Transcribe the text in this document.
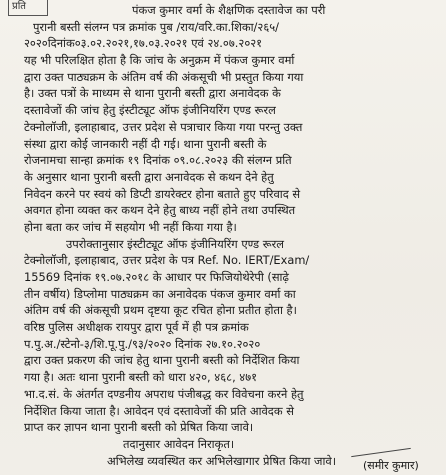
प्रति	पंकज कुमार वर्मा के शैक्षणिक दस्तावेज का परी
पुरानी बस्ती संलग्न पत्र क्रमांक पुब /राय/वरि.का.शिका/२६५/
२०२०दिनांक०३.०२.२०२१,१७.०३.२०२१ एवं २४.०७.२०२१
यह भी परिलक्षित होता है कि जांच के अनुक्रम में पंकज कुमार वर्मा
द्वारा उक्त पाठ्यक्रम के अंतिम वर्ष की अंकसूची भी प्रस्तुत किया गया
है। उक्त पत्रों के माध्यम से थाना पुरानी बस्ती द्वारा अनावेदक के
दस्तावेजों की जांच हेतु इंस्टीट्यूट ऑफ इंजीनियरिंग एण्ड रूरल
टेक्नोलॉजी, इलाहाबाद, उत्तर प्रदेश से पत्राचार किया गया परन्तु उक्त
संस्था द्वारा कोई जानकारी नहीं दी गई। थाना पुरानी बस्ती के
रोजनामचा सान्हा क्रमांक १९ दिनांक ०९.०८.२०२३ की संलग्न प्रति
के अनुसार थाना पुरानी बस्ती द्वारा अनावेदक से कथन देने हेतु
निवेदन करने पर स्वयं को डिप्टी डायरेक्टर होना बताते हुए परिवाद से
अवगत होना व्यक्त कर कथन देने हेतु बाध्य नहीं होने तथा उपस्थित
होना बता कर जांच में सहयोग भी नहीं किया गया है।
उपरोक्तानुसार इंस्टीट्यूट ऑफ इंजीनियरिंग एण्ड रूरल
टेक्नोलॉजी, इलाहाबाद, उत्तर प्रदेश के पत्र Ref. No. IERT/Exam/
15569 दिनांक १९.०७.२०१८ के आधार पर फिजियोथेरेपी (साढ़े
तीन वर्षीय) डिप्लोमा पाठ्यक्रम का अनावेदक पंकज कुमार वर्मा का
अंतिम वर्ष की अंकसूची प्रथम दृष्टया कूट रचित होना प्रतीत होता है।
वरिष्ठ पुलिस अधीक्षक रायपुर द्वारा पूर्व में ही पत्र क्रमांक
प.पु.अ./स्टेनो-३/शि.पू.पु./९३/२०२० दिनांक २७.१०.२०२०
द्वारा उक्त प्रकरण की जांच हेतु थाना पुरानी बस्ती को निर्देशित किया
गया है। अतः थाना पुरानी बस्ती को धारा ४२०, ४६८, ४७१
भा.द.सं. के अंतर्गत दण्डनीय अपराध पंजीबद्ध कर विवेचना करने हेतु
निर्देशित किया जाता है। आवेदन एवं दस्तावेजों की प्रति आवेदक से
प्राप्त कर ज्ञापन थाना पुरानी बस्ती को प्रेषित किया जावे।
तदानुसार आवेदन निराकृत।
अभिलेख व्यवस्थित कर अभिलेखागार प्रेषित किया जावे।	(समीर कुमार)
